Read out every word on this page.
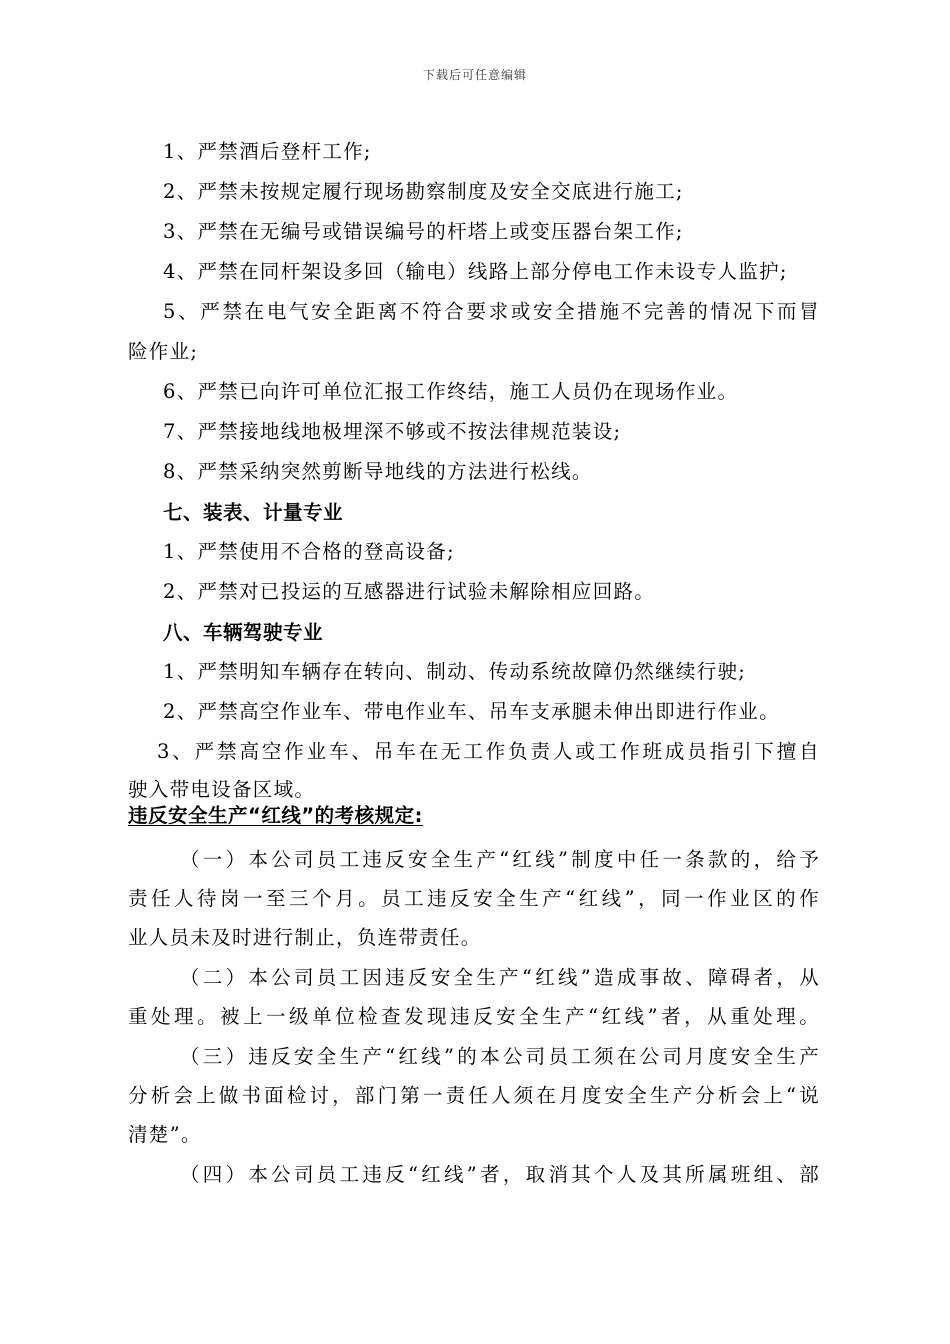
下载后可任意编辑
1、严禁酒后登杆工作;
2、严禁未按规定履行现场勘察制度及安全交底进行施工;
3、严禁在无编号或错误编号的杆塔上或变压器台架工作;
4、严禁在同杆架设多回（输电）线路上部分停电工作未设专人监护;
5、严禁在电气安全距离不符合要求或安全措施不完善的情况下而冒
险作业;
6、严禁已向许可单位汇报工作终结，施工人员仍在现场作业。
7、严禁接地线地极埋深不够或不按法律规范装设;
8、严禁采纳突然剪断导地线的方法进行松线。
七、装表、计量专业
1、严禁使用不合格的登高设备;
2、严禁对已投运的互感器进行试验未解除相应回路。
八、车辆驾驶专业
1、严禁明知车辆存在转向、制动、传动系统故障仍然继续行驶;
2、严禁高空作业车、带电作业车、吊车支承腿未伸出即进行作业。
3、严禁高空作业车、吊车在无工作负责人或工作班成员指引下擅自
驶入带电设备区域。
违反安全生产“红线”的考核规定:
（一）本公司员工违反安全生产“红线”制度中任一条款的，给予
责任人待岗一至三个月。员工违反安全生产“红线”，同一作业区的作
业人员未及时进行制止，负连带责任。
（二）本公司员工因违反安全生产“红线”造成事故、障碍者，从
重处理。被上一级单位检查发现违反安全生产“红线”者，从重处理。
（三）违反安全生产“红线”的本公司员工须在公司月度安全生产
分析会上做书面检讨，部门第一责任人须在月度安全生产分析会上“说
清楚”。
（四）本公司员工违反“红线”者，取消其个人及其所属班组、部
